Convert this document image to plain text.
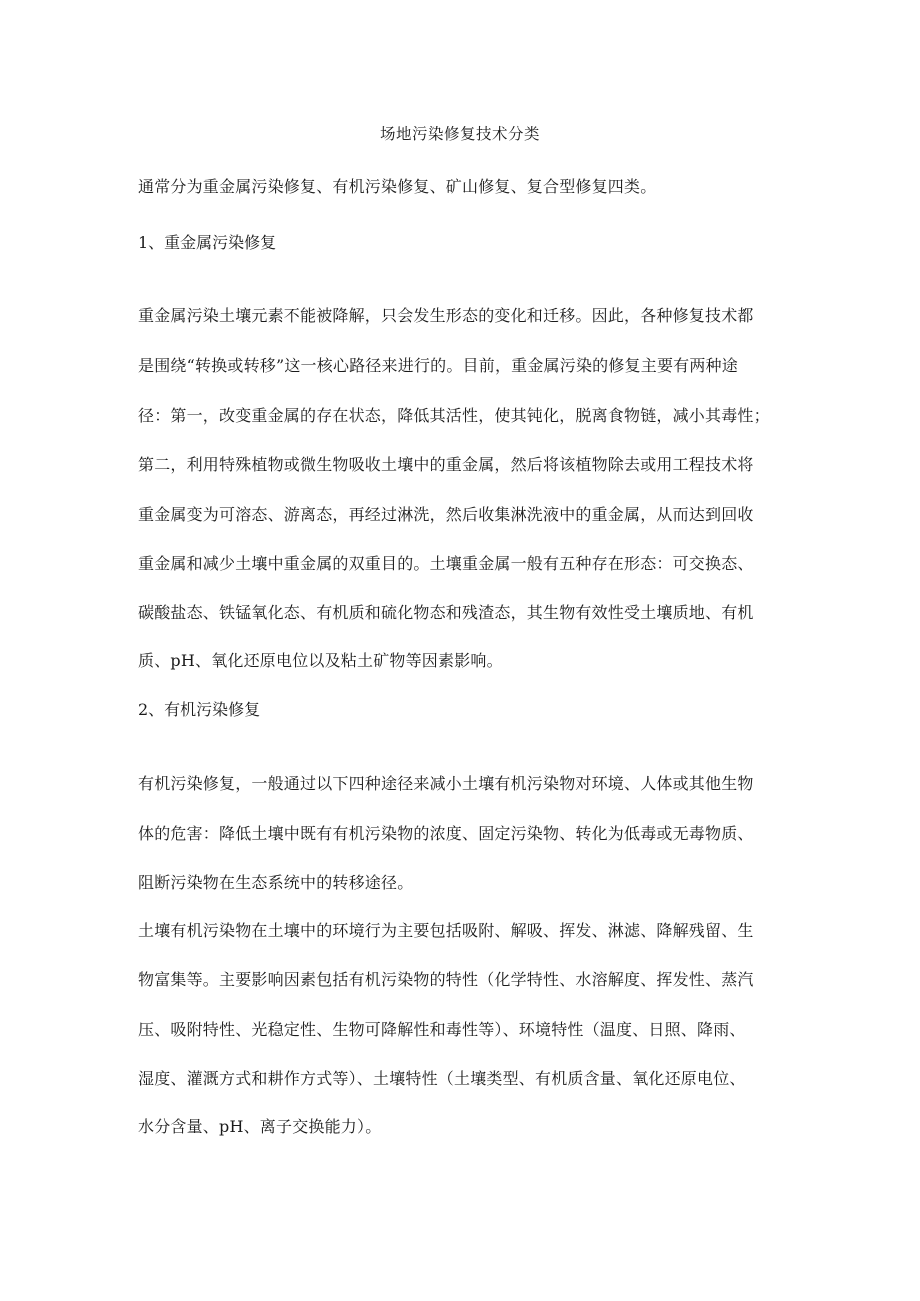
场地污染修复技术分类
通常分为重金属污染修复、有机污染修复、矿山修复、复合型修复四类。
1、重金属污染修复
重金属污染土壤元素不能被降解，只会发生形态的变化和迁移。因此，各种修复技术都
是围绕“转换或转移”这一核心路径来进行的。目前，重金属污染的修复主要有两种途
径：第一，改变重金属的存在状态，降低其活性，使其钝化，脱离食物链，减小其毒性；
第二，利用特殊植物或微生物吸收土壤中的重金属，然后将该植物除去或用工程技术将
重金属变为可溶态、游离态，再经过淋洗，然后收集淋洗液中的重金属，从而达到回收
重金属和减少土壤中重金属的双重目的。土壤重金属一般有五种存在形态：可交换态、
碳酸盐态、铁锰氧化态、有机质和硫化物态和残渣态，其生物有效性受土壤质地、有机
质、pH、氧化还原电位以及粘土矿物等因素影响。
2、有机污染修复
有机污染修复，一般通过以下四种途径来减小土壤有机污染物对环境、人体或其他生物
体的危害：降低土壤中既有有机污染物的浓度、固定污染物、转化为低毒或无毒物质、
阻断污染物在生态系统中的转移途径。
土壤有机污染物在土壤中的环境行为主要包括吸附、解吸、挥发、淋滤、降解残留、生
物富集等。主要影响因素包括有机污染物的特性（化学特性、水溶解度、挥发性、蒸汽
压、吸附特性、光稳定性、生物可降解性和毒性等）、环境特性（温度、日照、降雨、
湿度、灌溉方式和耕作方式等）、土壤特性（土壤类型、有机质含量、氧化还原电位、
水分含量、pH、离子交换能力）。
